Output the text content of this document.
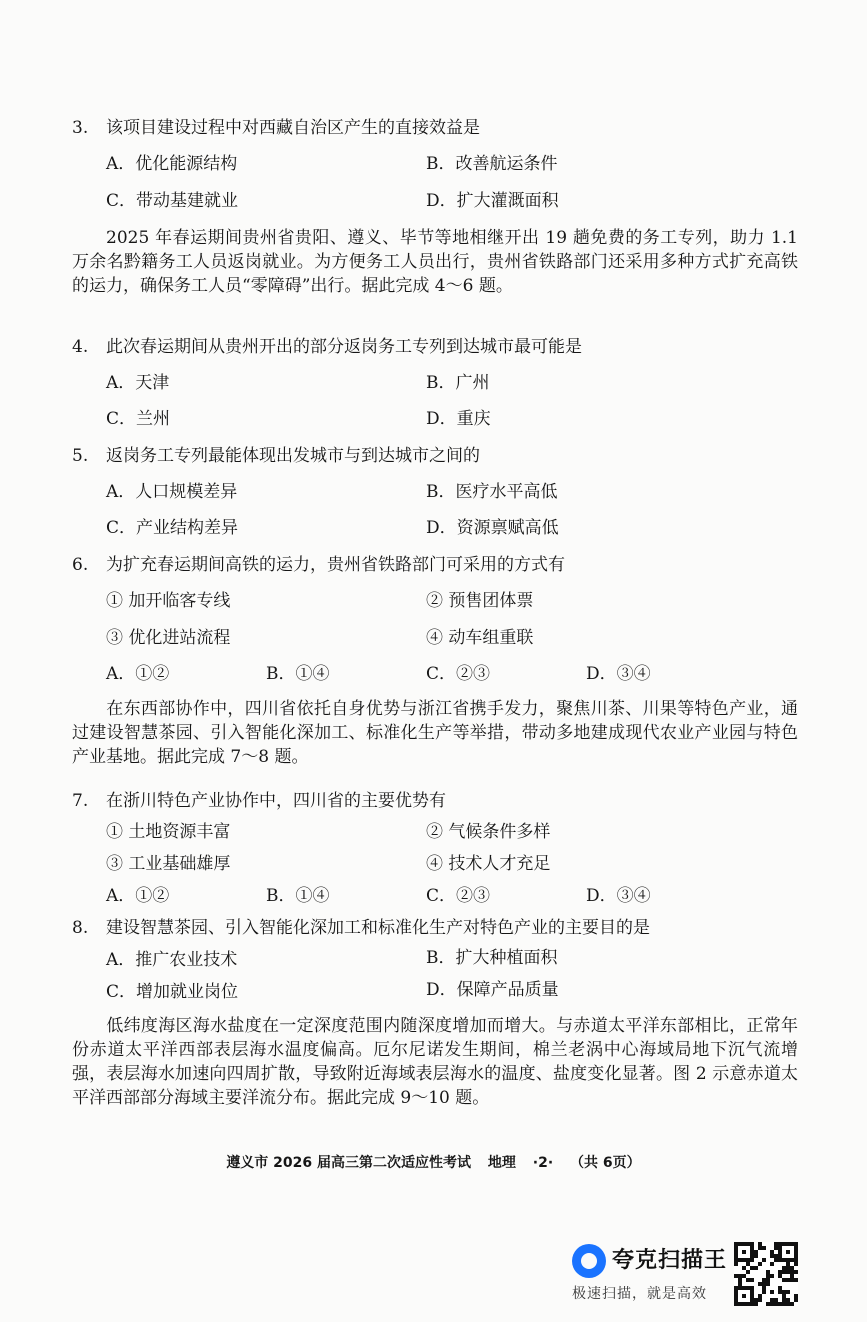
3. 该项目建设过程中对西藏自治区产生的直接效益是
A．优化能源结构	B．改善航运条件
C．带动基建就业	D．扩大灌溉面积
2025 年春运期间贵州省贵阳、遵义、毕节等地相继开出 19 趟免费的务工专列，助力 1.1 万余名黔籍务工人员返岗就业。为方便务工人员出行，贵州省铁路部门还采用多种方式扩充高铁的运力，确保务工人员“零障碍”出行。据此完成 4～6 题。
4. 此次春运期间从贵州开出的部分返岗务工专列到达城市最可能是
A．天津	B．广州
C．兰州	D．重庆
5. 返岗务工专列最能体现出发城市与到达城市之间的
A．人口规模差异	B．医疗水平高低
C．产业结构差异	D．资源禀赋高低
6. 为扩充春运期间高铁的运力，贵州省铁路部门可采用的方式有
① 加开临客专线	② 预售团体票
③ 优化进站流程	④ 动车组重联
A．①②	B．①④	C．②③	D．③④
在东西部协作中，四川省依托自身优势与浙江省携手发力，聚焦川茶、川果等特色产业，通过建设智慧茶园、引入智能化深加工、标准化生产等举措，带动多地建成现代农业产业园与特色产业基地。据此完成 7～8 题。
7. 在浙川特色产业协作中，四川省的主要优势有
① 土地资源丰富	② 气候条件多样
③ 工业基础雄厚	④ 技术人才充足
A．①②	B．①④	C．②③	D．③④
8. 建设智慧茶园、引入智能化深加工和标准化生产对特色产业的主要目的是
A．推广农业技术	B．扩大种植面积
C．增加就业岗位	D．保障产品质量
低纬度海区海水盐度在一定深度范围内随深度增加而增大。与赤道太平洋东部相比，正常年份赤道太平洋西部表层海水温度偏高。厄尔尼诺发生期间，棉兰老涡中心海域局地下沉气流增强，表层海水加速向四周扩散，导致附近海域表层海水的温度、盐度变化显著。图 2 示意赤道太平洋西部部分海域主要洋流分布。据此完成 9～10 题。
遵义市 2026 届高三第二次适应性考试 地理 ·2· （共 6页）
夸克扫描王
极速扫描，就是高效
